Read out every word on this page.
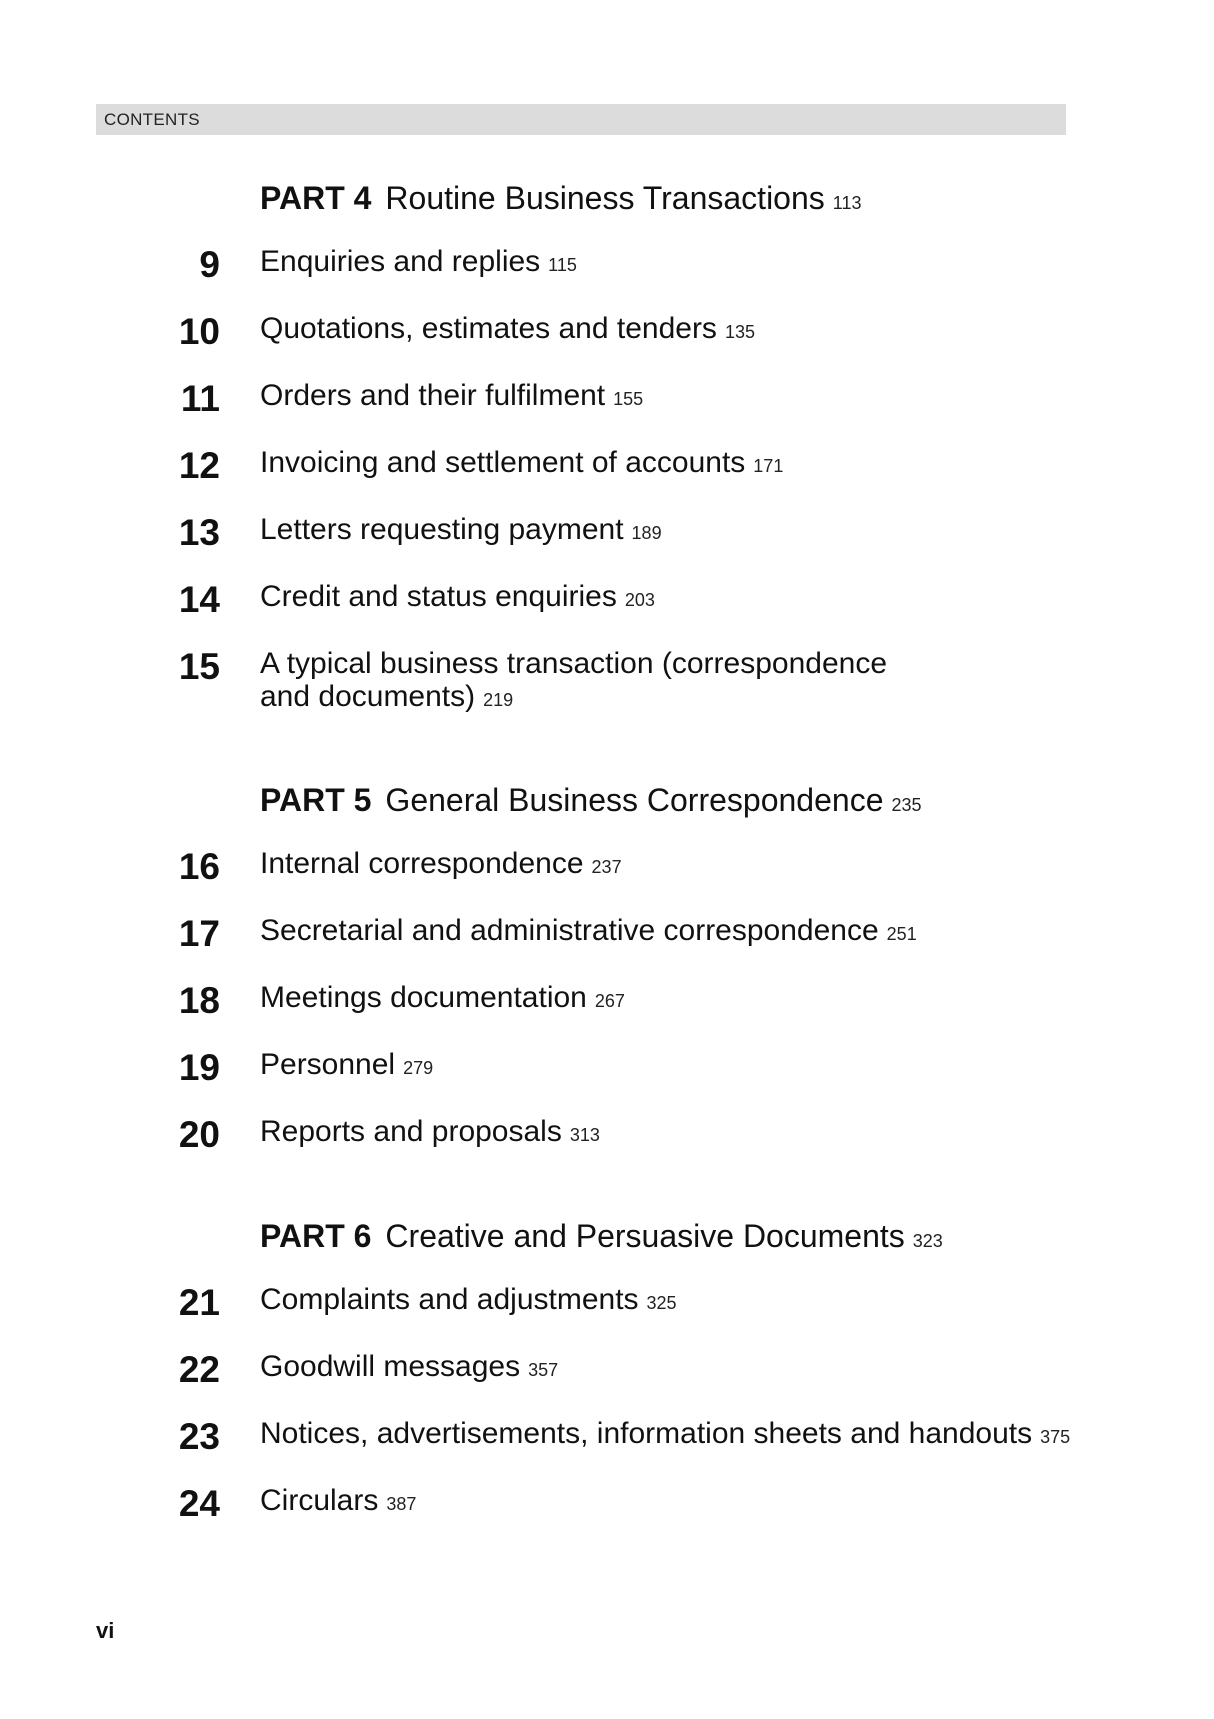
CONTENTS
PART 4 Routine Business Transactions 113
9 Enquiries and replies 115
10 Quotations, estimates and tenders 135
11 Orders and their fulfilment 155
12 Invoicing and settlement of accounts 171
13 Letters requesting payment 189
14 Credit and status enquiries 203
15 A typical business transaction (correspondence and documents) 219
PART 5 General Business Correspondence 235
16 Internal correspondence 237
17 Secretarial and administrative correspondence 251
18 Meetings documentation 267
19 Personnel 279
20 Reports and proposals 313
PART 6 Creative and Persuasive Documents 323
21 Complaints and adjustments 325
22 Goodwill messages 357
23 Notices, advertisements, information sheets and handouts 375
24 Circulars 387
vi
